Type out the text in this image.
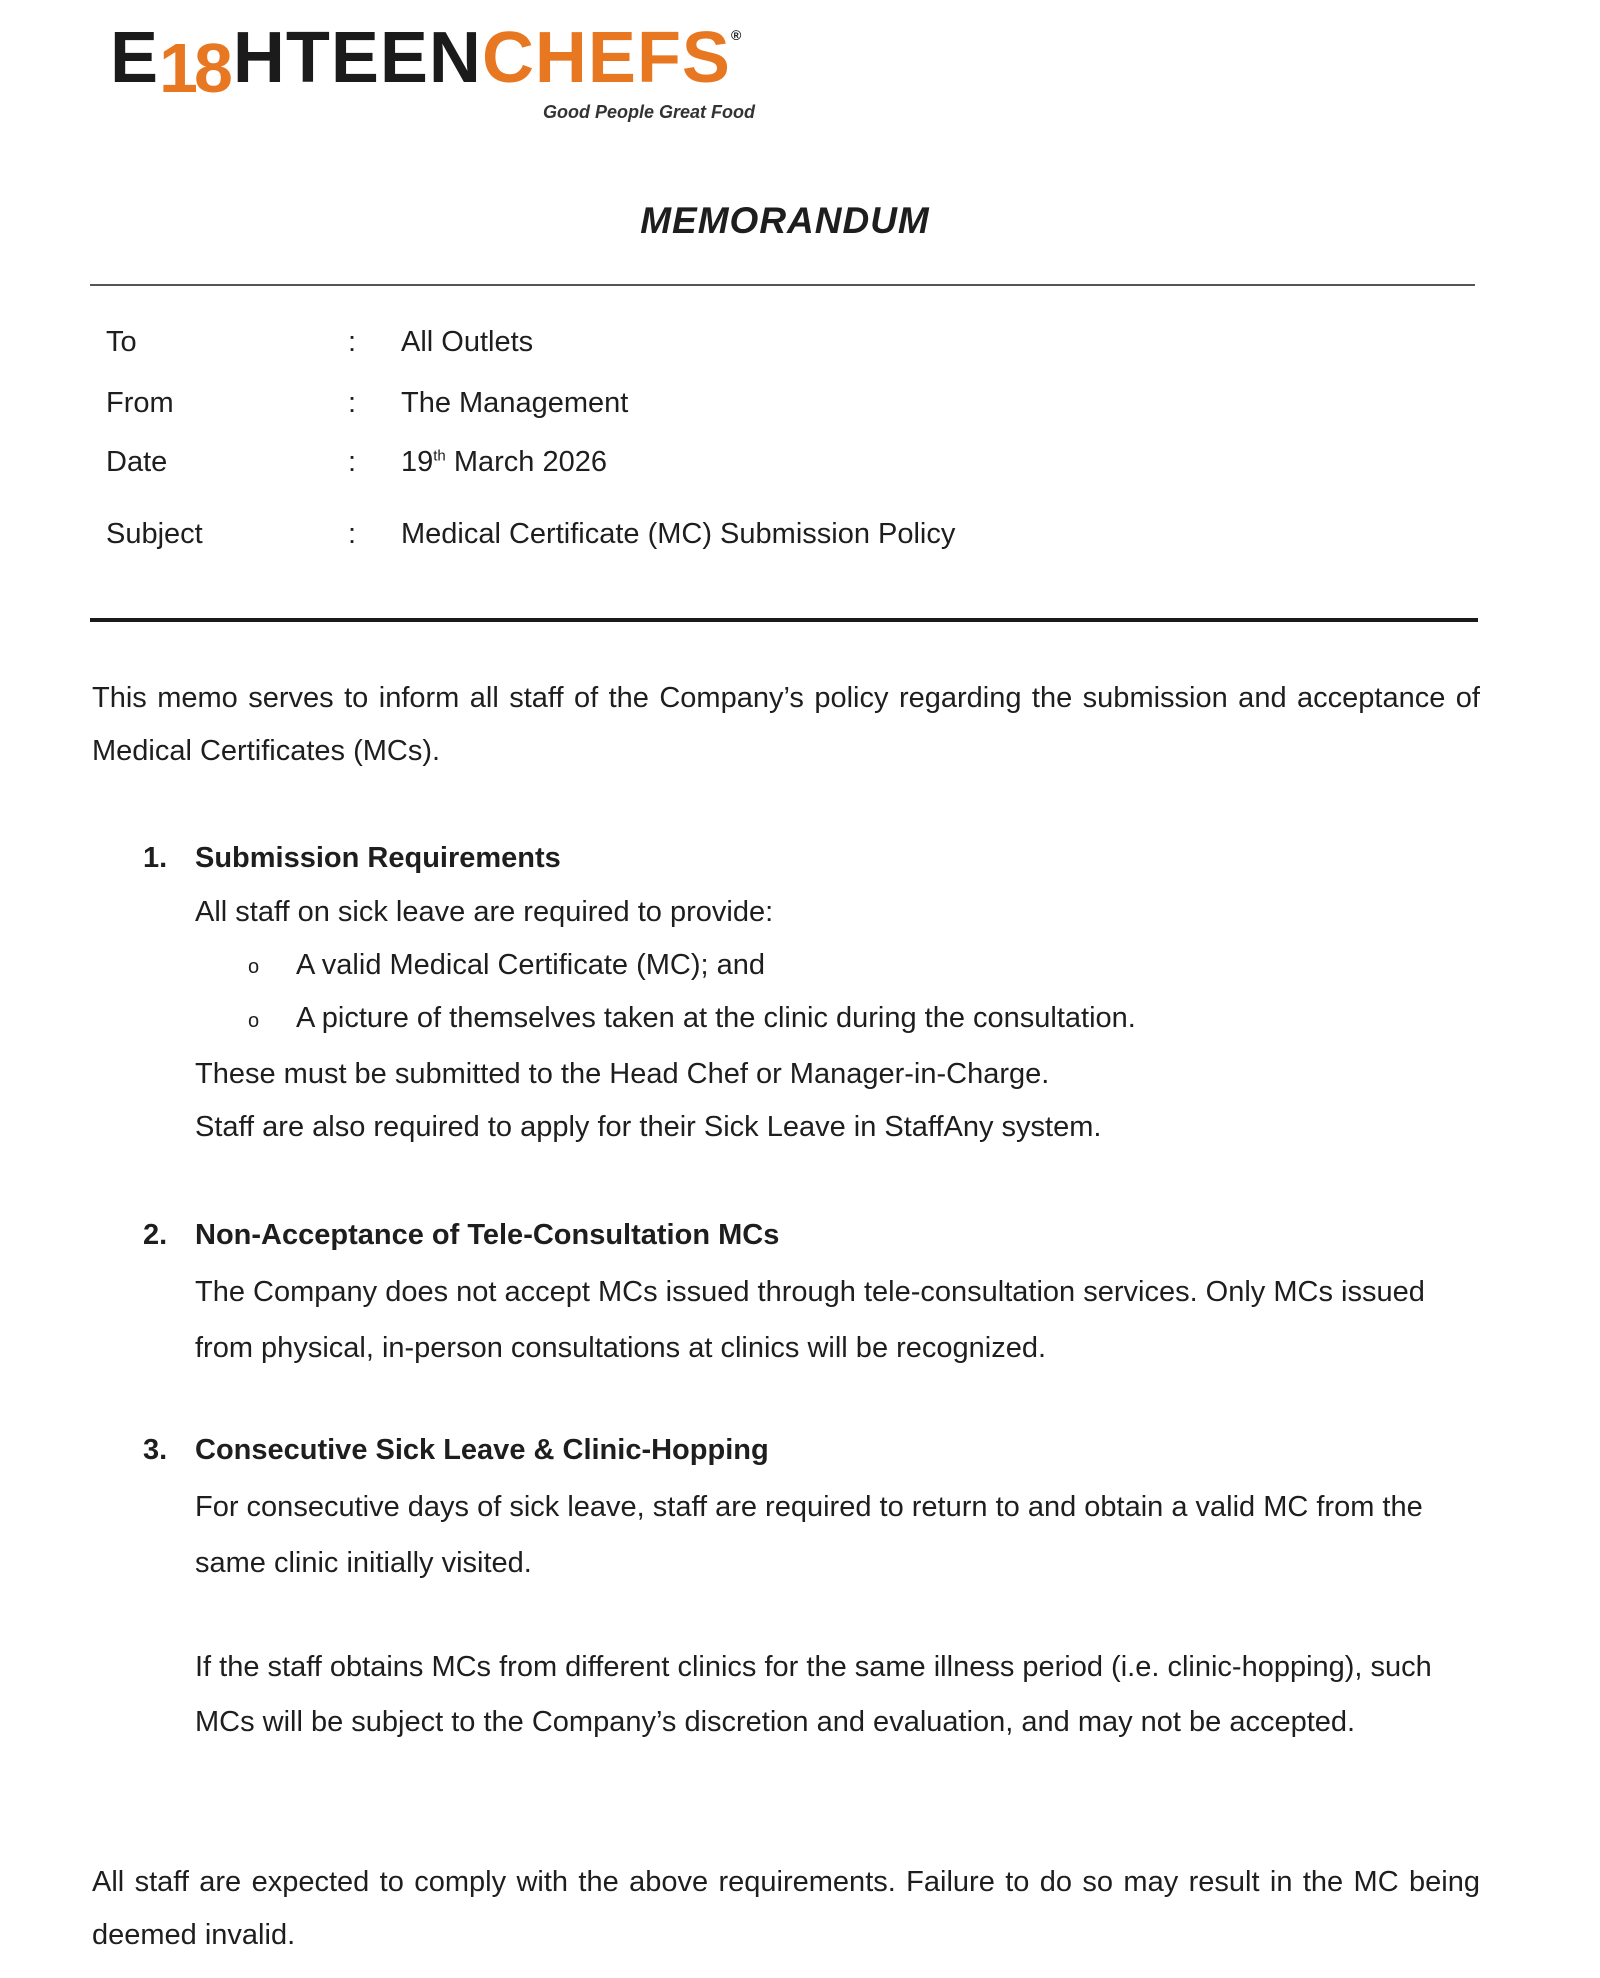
E18HTEENCHEFS®
Good People Great Food
MEMORANDUM
To	: All Outlets
From	: The Management
Date	: 19th March 2026
Subject	: Medical Certificate (MC) Submission Policy
This memo serves to inform all staff of the Company’s policy regarding the submission and acceptance of Medical Certificates (MCs).
1. Submission Requirements
All staff on sick leave are required to provide:
o A valid Medical Certificate (MC); and
o A picture of themselves taken at the clinic during the consultation.
These must be submitted to the Head Chef or Manager-in-Charge.
Staff are also required to apply for their Sick Leave in StaffAny system.
2. Non-Acceptance of Tele-Consultation MCs
The Company does not accept MCs issued through tele-consultation services. Only MCs issued from physical, in-person consultations at clinics will be recognized.
3. Consecutive Sick Leave & Clinic-Hopping
For consecutive days of sick leave, staff are required to return to and obtain a valid MC from the same clinic initially visited.
If the staff obtains MCs from different clinics for the same illness period (i.e. clinic-hopping), such MCs will be subject to the Company’s discretion and evaluation, and may not be accepted.
All staff are expected to comply with the above requirements. Failure to do so may result in the MC being deemed invalid.
